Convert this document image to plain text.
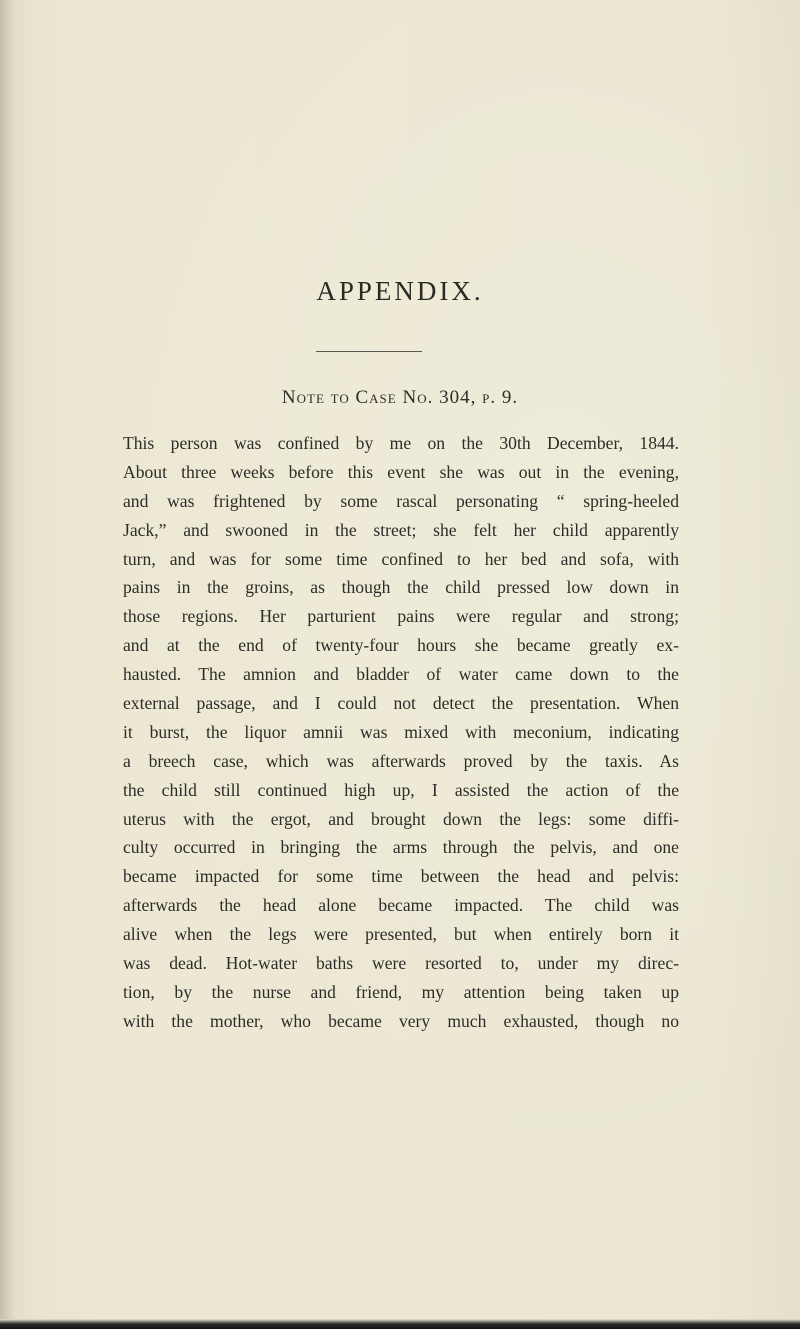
APPENDIX.
Note to Case No. 304, p. 9.
This person was confined by me on the 30th December, 1844.
About three weeks before this event she was out in the evening,
and was frightened by some rascal personating “ spring-heeled
Jack,” and swooned in the street; she felt her child apparently
turn, and was for some time confined to her bed and sofa, with
pains in the groins, as though the child pressed low down in
those regions. Her parturient pains were regular and strong;
and at the end of twenty-four hours she became greatly ex-
hausted. The amnion and bladder of water came down to the
external passage, and I could not detect the presentation. When
it burst, the liquor amnii was mixed with meconium, indicating
a breech case, which was afterwards proved by the taxis. As
the child still continued high up, I assisted the action of the
uterus with the ergot, and brought down the legs: some diffi-
culty occurred in bringing the arms through the pelvis, and one
became impacted for some time between the head and pelvis:
afterwards the head alone became impacted. The child was
alive when the legs were presented, but when entirely born it
was dead. Hot-water baths were resorted to, under my direc-
tion, by the nurse and friend, my attention being taken up
with the mother, who became very much exhausted, though no
